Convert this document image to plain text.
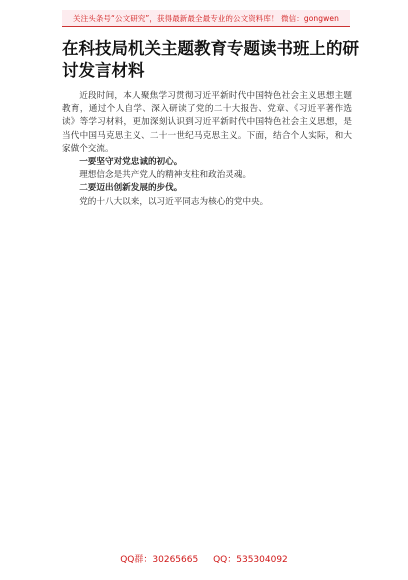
关注头条号“公文研究”，获得最新最全最专业的公文资料库！ 微信：gongwen
在科技局机关主题教育专题读书班上的研讨发言材料

近段时间，本人聚焦学习贯彻习近平新时代中国特色社会主义思想主题教育，通过个人自学、深入研读了党的二十大报告、党章、《习近平著作选读》等学习材料，更加深刻认识到习近平新时代中国特色社会主义思想，是当代中国马克思主义、二十一世纪马克思主义。下面，结合个人实际，和大家做个交流。

一要坚守对党忠诚的初心。

理想信念是共产党人的精神支柱和政治灵魂。

二要迈出创新发展的步伐。

党的十八大以来，以习近平同志为核心的党中央。

QQ群：30265665 QQ：535304092
